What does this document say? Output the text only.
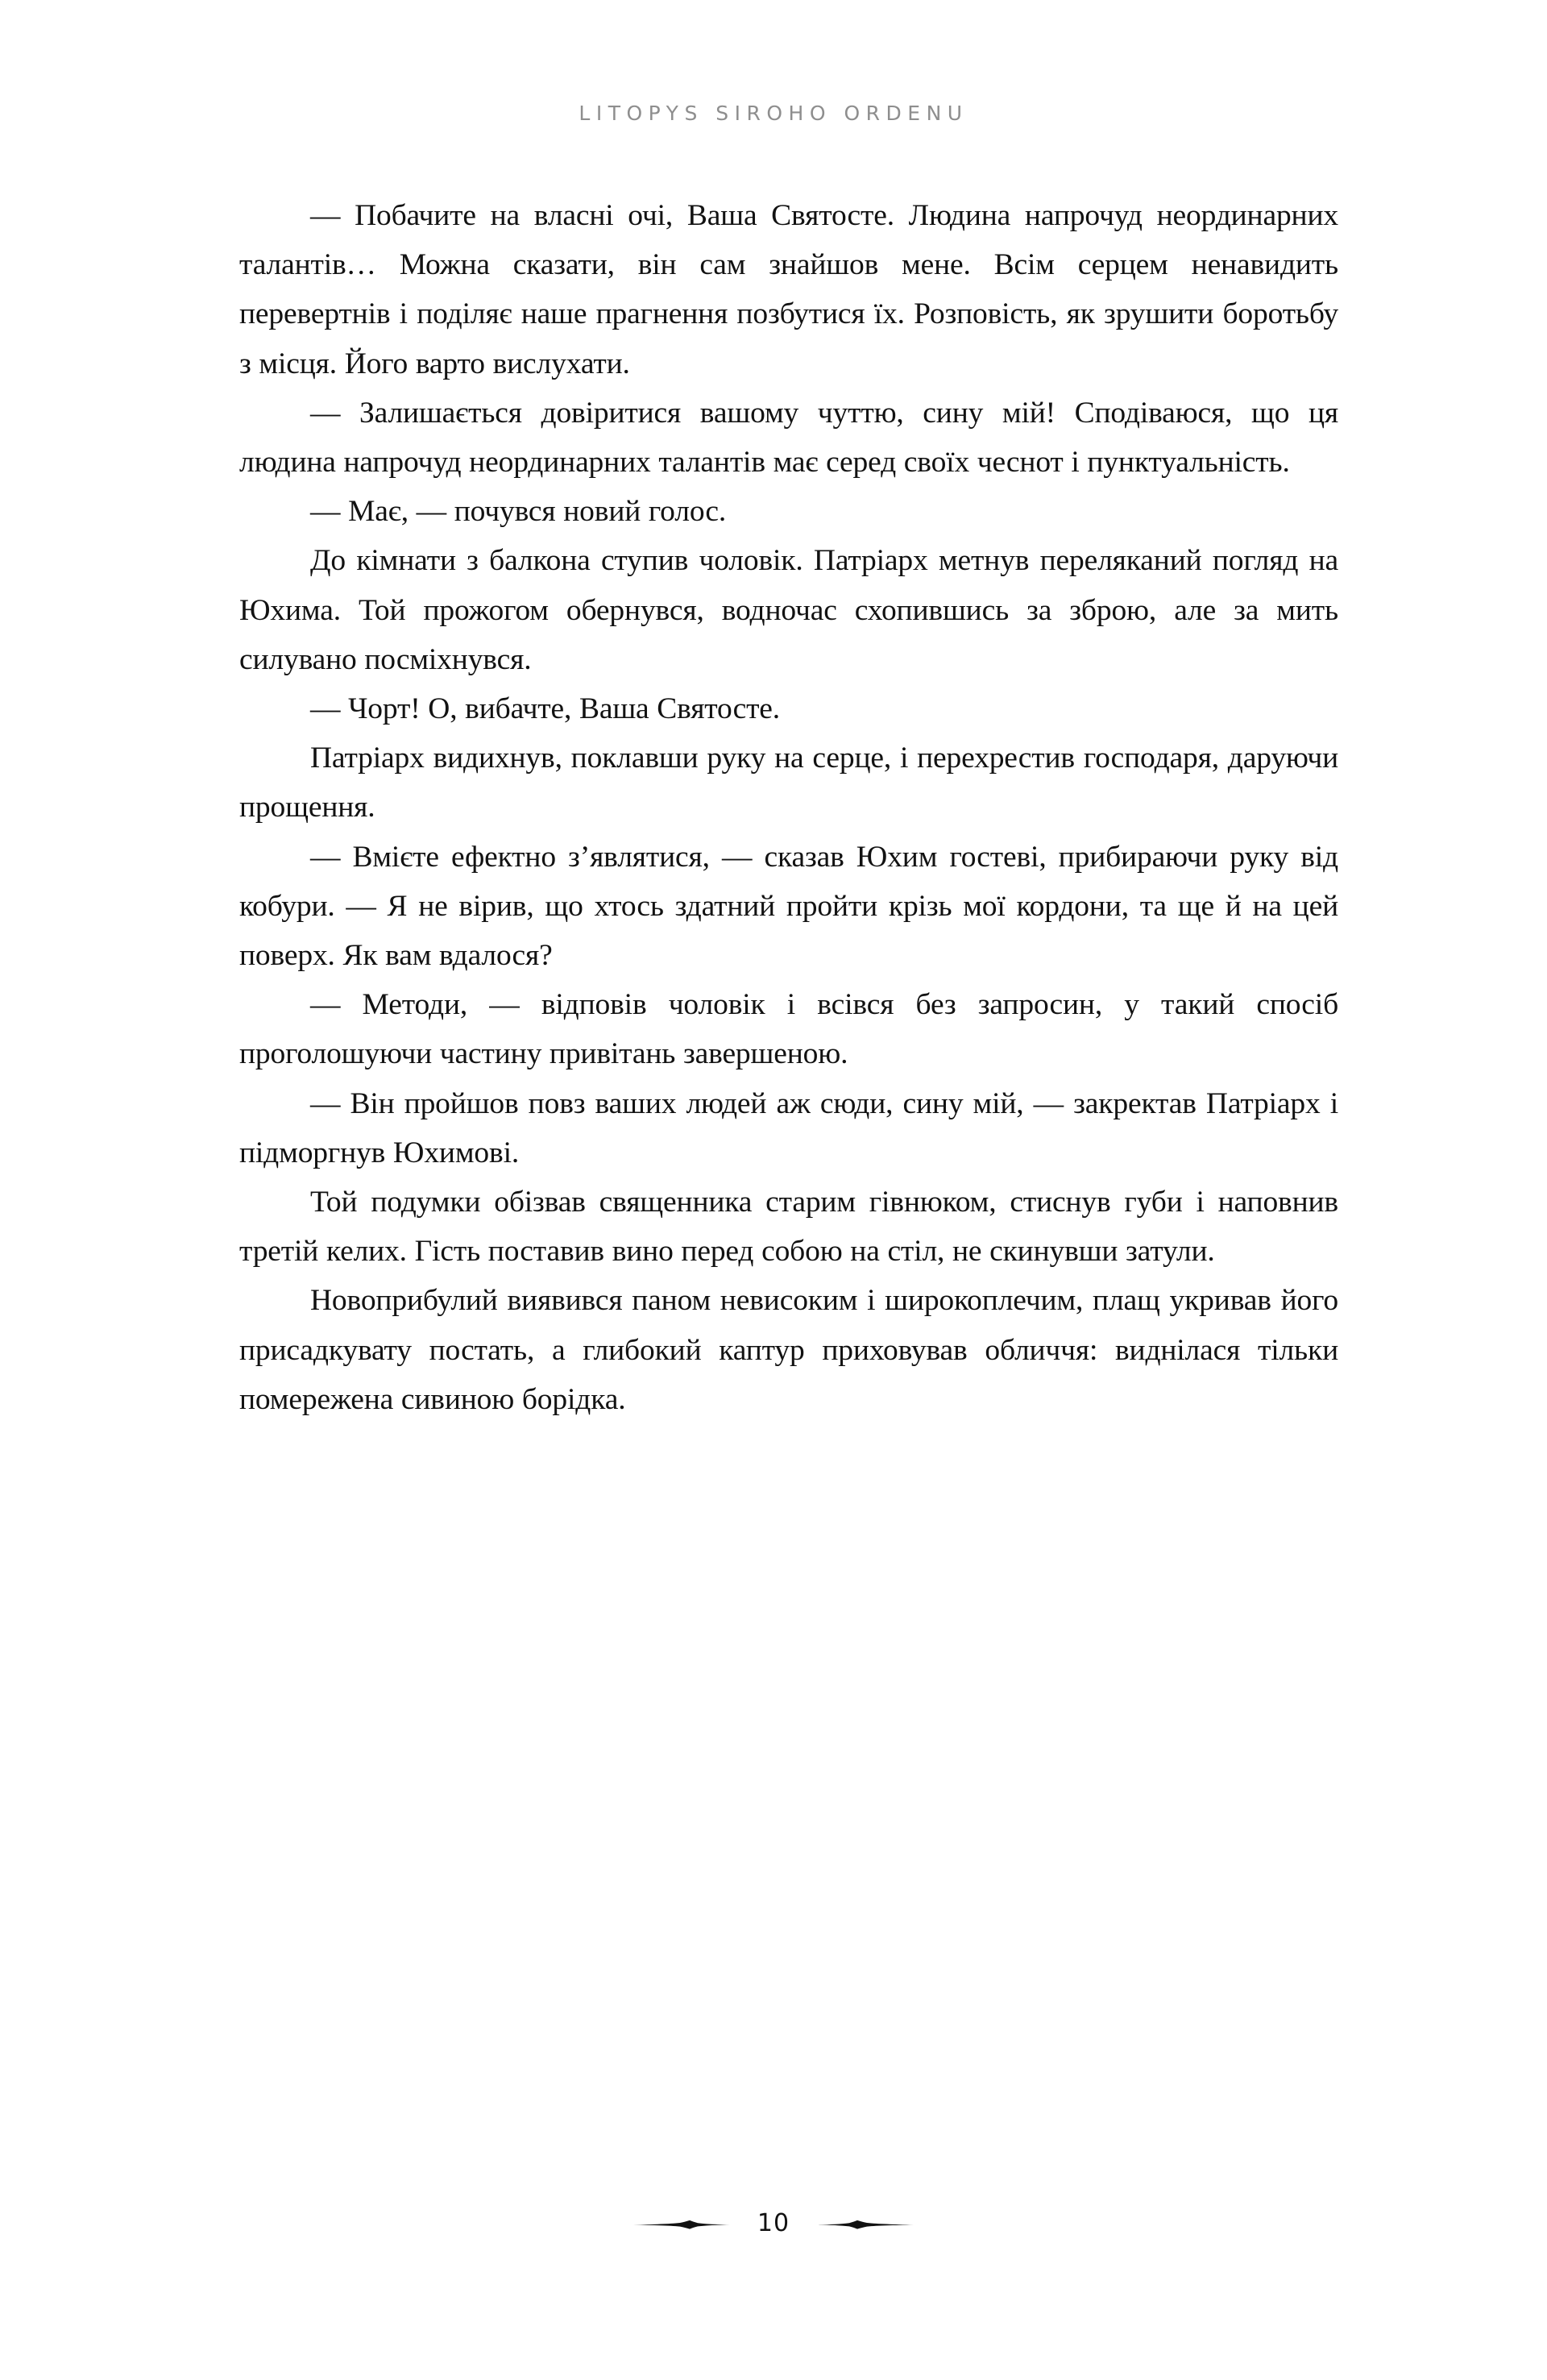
LITOPYS SIROHO ORDENU

— Побачите на власні очі, Ваша Святосте. Людина напрочуд неординарних талантів… Можна сказати, він сам знайшов мене. Всім серцем ненавидить перевертнів і поділяє наше прагнення позбутися їх. Розповість, як зрушити боротьбу з місця. Його варто вислухати.

— Залишається довіритися вашому чуттю, сину мій! Сподіваюся, що ця людина напрочуд неординарних талантів має серед своїх чеснот і пунктуальність.

— Має, — почувся новий голос.

До кімнати з балкона ступив чоловік. Патріарх метнув переляканий погляд на Юхима. Той прожогом обернувся, водночас схопившись за зброю, але за мить силувано посміхнувся.

— Чорт! О, вибачте, Ваша Святосте.

Патріарх видихнув, поклавши руку на серце, і перехрестив господаря, даруючи прощення.

— Вмієте ефектно з’являтися, — сказав Юхим гостеві, прибираючи руку від кобури. — Я не вірив, що хтось здатний пройти крізь мої кордони, та ще й на цей поверх. Як вам вдалося?

— Методи, — відповів чоловік і всівся без запросин, у такий спосіб проголошуючи частину привітань завершеною.

— Він пройшов повз ваших людей аж сюди, сину мій, — закректав Патріарх і підморгнув Юхимові.

Той подумки обізвав священника старим гівнюком, стиснув губи і наповнив третій келих. Гість поставив вино перед собою на стіл, не скинувши затули.

Новоприбулий виявився паном невисоким і широкоплечим, плащ укривав його присадкувату постать, а глибокий каптур приховував обличчя: виднілася тільки помережена сивиною борідка.

10
